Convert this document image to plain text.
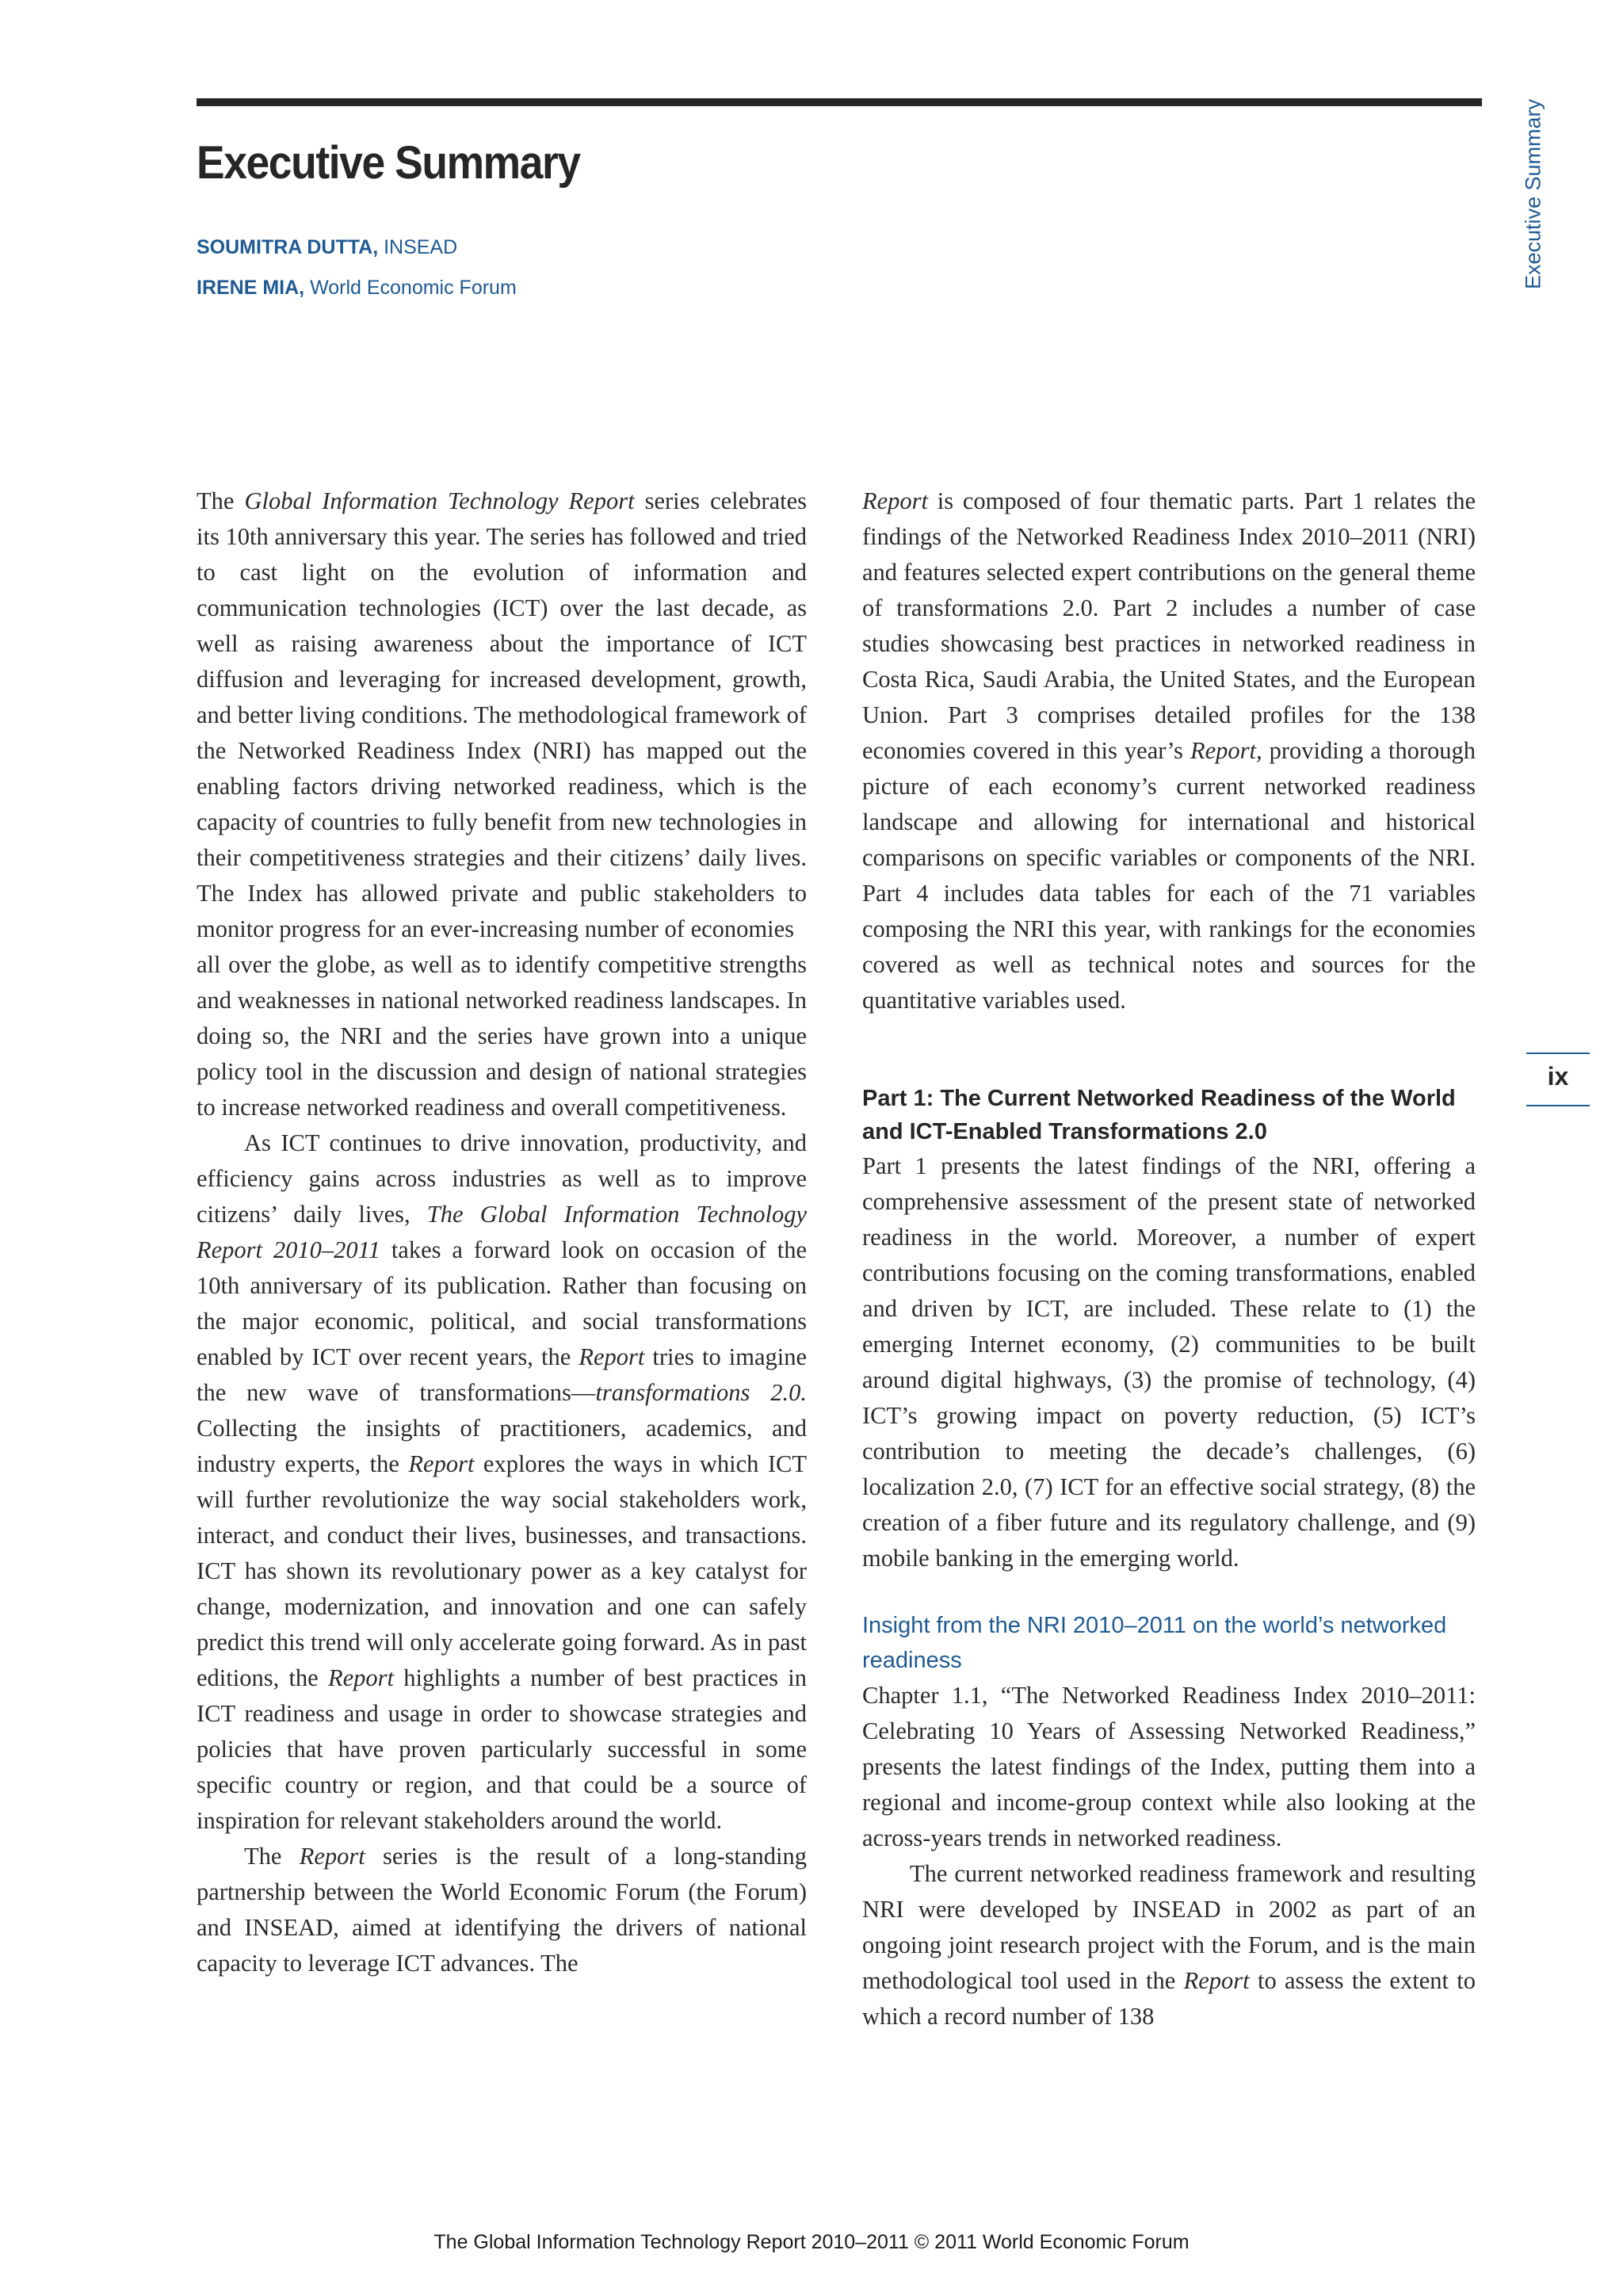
Executive Summary
SOUMITRA DUTTA, INSEAD
IRENE MIA, World Economic Forum	Executive Summary
ix

The Global Information Technology Report series celebrates its 10th anniversary this year. The series has followed and tried to cast light on the evolution of information and communication technologies (ICT) over the last decade, as well as raising awareness about the importance of ICT diffusion and leveraging for increased development, growth, and better living conditions. The methodological framework of the Networked Readiness Index (NRI) has mapped out the enabling factors driving networked readiness, which is the capacity of countries to fully benefit from new technologies in their competitiveness strategies and their citizens’ daily lives. The Index has allowed private and public stakeholders to monitor progress for an ever-increasing number of economies

all over the globe, as well as to identify competitive strengths and weaknesses in national networked readiness landscapes. In doing so, the NRI and the series have grown into a unique policy tool in the discussion and design of national strategies to increase networked readiness and overall competitiveness.

As ICT continues to drive innovation, productivity, and efficiency gains across industries as well as to improve citizens’ daily lives, The Global Information Technology Report 2010–2011 takes a forward look on occasion of the 10th anniversary of its publication. Rather than focusing on the major economic, political, and social transformations enabled by ICT over recent years, the Report tries to imagine the new wave of transformations—transformations 2.0. Collecting the insights of practitioners, academics, and industry experts, the Report explores the ways in which ICT will further revolutionize the way social stakeholders work, interact, and conduct their lives, businesses, and transactions. ICT has shown its revolutionary power as a key catalyst for change, modernization, and innovation and one can safely predict this trend will only accelerate going forward. As in past editions, the Report highlights a number of best practices in ICT readiness and usage in order to showcase strategies and policies that have proven particularly successful in some specific country or region, and that could be a source of inspiration for relevant stakeholders around the world.

The Report series is the result of a long-standing partnership between the World Economic Forum (the Forum) and INSEAD, aimed at identifying the drivers of national capacity to leverage ICT advances. The

Report is composed of four thematic parts. Part 1 relates the findings of the Networked Readiness Index 2010–2011 (NRI) and features selected expert contributions on the general theme of transformations 2.0. Part 2 includes a number of case studies showcasing best practices in networked readiness in Costa Rica, Saudi Arabia, the United States, and the European Union. Part 3 comprises detailed profiles for the 138 economies covered in this year’s Report, providing a thorough picture of each economy’s current networked readiness landscape and allowing for international and historical comparisons on specific variables or components of the NRI. Part 4 includes data tables for each of the 71 variables composing the NRI this year, with rankings for the economies covered as well as technical notes and sources for the quantitative variables used.

Part 1: The Current Networked Readiness of the World and ICT-Enabled Transformations 2.0

Part 1 presents the latest findings of the NRI, offering a comprehensive assessment of the present state of networked readiness in the world. Moreover, a number of expert contributions focusing on the coming transformations, enabled and driven by ICT, are included. These relate to (1) the emerging Internet economy, (2) communities to be built around digital highways, (3) the promise of technology, (4) ICT’s growing impact on poverty reduction, (5) ICT’s contribution to meeting the decade’s challenges, (6) localization 2.0, (7) ICT for an effective social strategy, (8) the creation of a fiber future and its regulatory challenge, and (9) mobile banking in the emerging world.

Insight from the NRI 2010–2011 on the world’s networked readiness

Chapter 1.1, “The Networked Readiness Index 2010–2011: Celebrating 10 Years of Assessing Networked Readiness,” presents the latest findings of the Index, putting them into a regional and income-group context while also looking at the across-years trends in networked readiness.

The current networked readiness framework and resulting NRI were developed by INSEAD in 2002 as part of an ongoing joint research project with the Forum, and is the main methodological tool used in the Report to assess the extent to which a record number of 138

The Global Information Technology Report 2010–2011 © 2011 World Economic Forum
